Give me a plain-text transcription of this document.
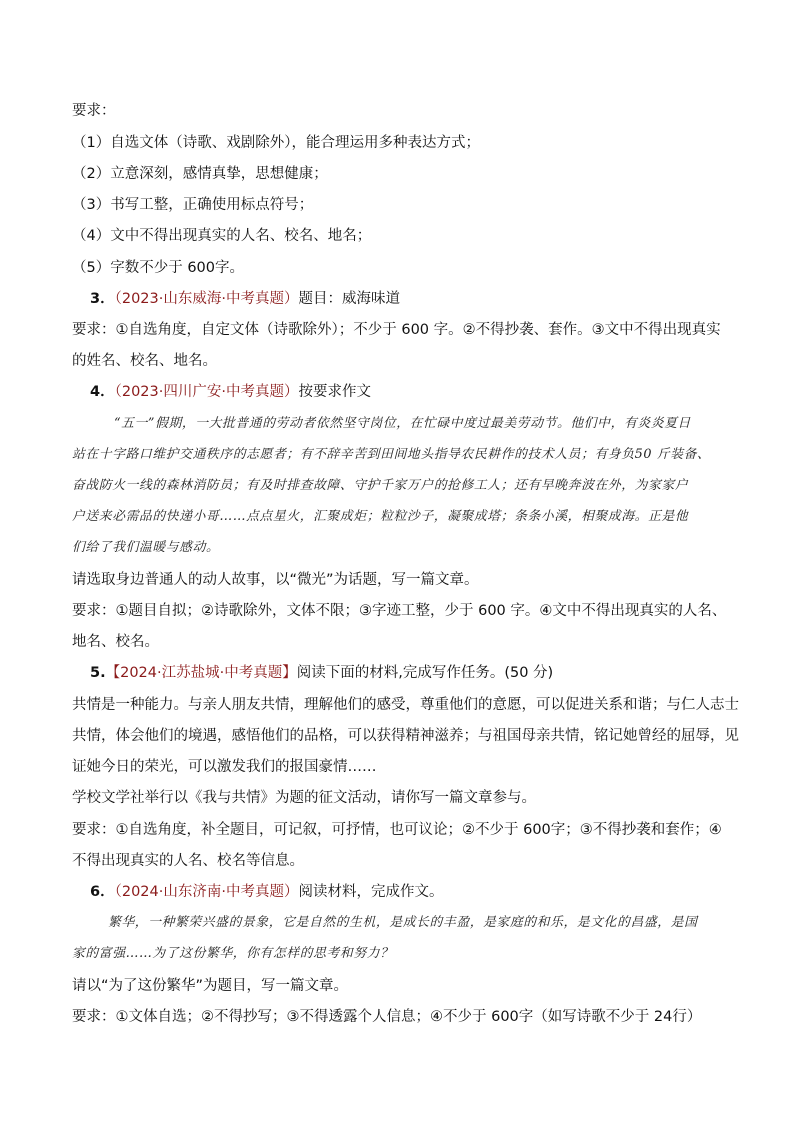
要求：
（1）自选文体（诗歌、戏剧除外），能合理运用多种表达方式；
（2）立意深刻，感情真挚，思想健康；
（3）书写工整，正确使用标点符号；
（4）文中不得出现真实的人名、校名、地名；
（5）字数不少于 600字。
3．（2023·山东威海·中考真题）题目：威海味道
要求：①自选角度，自定文体（诗歌除外）；不少于 600 字。②不得抄袭、套作。③文中不得出现真实
的姓名、校名、地名。
4．（2023·四川广安·中考真题）按要求作文
“五一”假期，一大批普通的劳动者依然坚守岗位，在忙碌中度过最美劳动节。他们中，有炎炎夏日
站在十字路口维护交通秩序的志愿者；有不辞辛苦到田间地头指导农民耕作的技术人员；有身负50 斤装备、
奋战防火一线的森林消防员；有及时排查故障、守护千家万户的抢修工人；还有早晚奔波在外，为家家户
户送来必需品的快递小哥……点点星火，汇聚成炬；粒粒沙子，凝聚成塔；条条小溪，相聚成海。正是他
们给了我们温暖与感动。
请选取身边普通人的动人故事，以“微光”为话题，写一篇文章。
要求：①题目自拟；②诗歌除外，文体不限；③字迹工整，少于 600 字。④文中不得出现真实的人名、
地名、校名。
5.【2024·江苏盐城·中考真题】阅读下面的材料,完成写作任务。(50 分)
共情是一种能力。与亲人朋友共情，理解他们的感受，尊重他们的意愿，可以促进关系和谐；与仁人志士
共情，体会他们的境遇，感悟他们的品格，可以获得精神滋养；与祖国母亲共情，铭记她曾经的屈辱，见
证她今日的荣光，可以激发我们的报国豪情……
学校文学社举行以《我与共情》为题的征文活动，请你写一篇文章参与。
要求：①自选角度，补全题目，可记叙，可抒情，也可议论；②不少于 600字；③不得抄袭和套作；④
不得出现真实的人名、校名等信息。
6．（2024·山东济南·中考真题）阅读材料，完成作文。
繁华，一种繁荣兴盛的景象，它是自然的生机，是成长的丰盈，是家庭的和乐，是文化的昌盛，是国
家的富强……为了这份繁华，你有怎样的思考和努力？
请以“为了这份繁华”为题目，写一篇文章。
要求：①文体自选；②不得抄写；③不得透露个人信息；④不少于 600字（如写诗歌不少于 24行）
